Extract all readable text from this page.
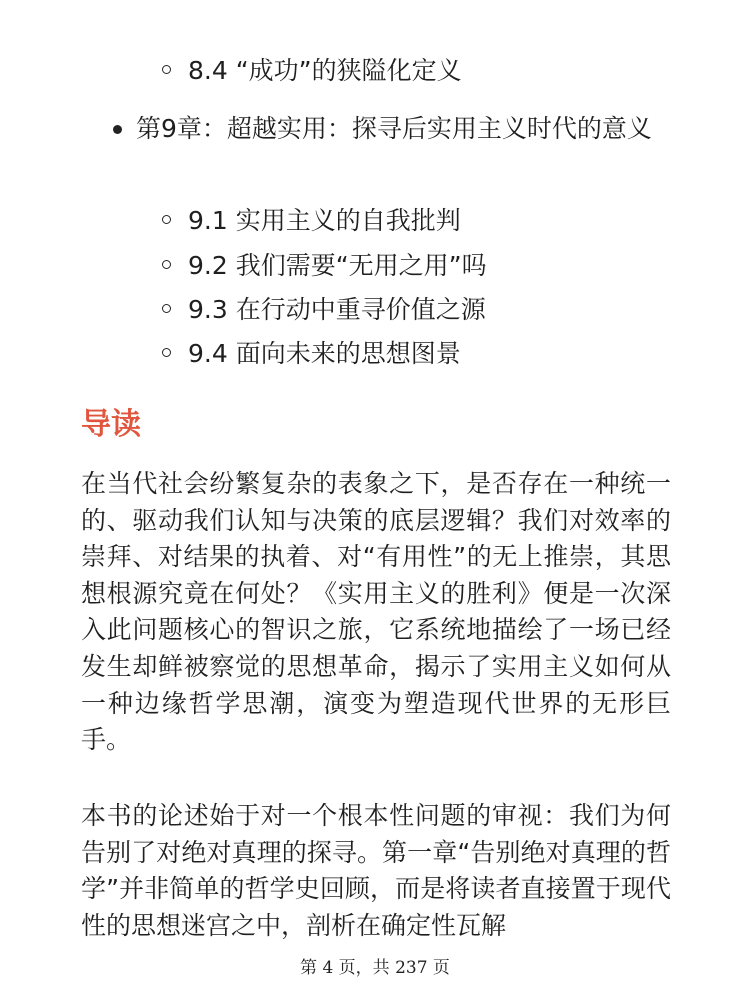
8.4 “成功”的狭隘化定义
第9章：超越实用：探寻后实用主义时代的意义
9.1 实用主义的自我批判
9.2 我们需要“无用之用”吗
9.3 在行动中重寻价值之源
9.4 面向未来的思想图景
导读

在当代社会纷繁复杂的表象之下，是否存在一种统一的、驱动我们认知与决策的底层逻辑？我们对效率的崇拜、对结果的执着、对“有用性”的无上推崇，其思想根源究竟在何处？《实用主义的胜利》便是一次深入此问题核心的智识之旅，它系统地描绘了一场已经发生却鲜被察觉的思想革命，揭示了实用主义如何从一种边缘哲学思潮，演变为塑造现代世界的无形巨手。

本书的论述始于对一个根本性问题的审视：我们为何告别了对绝对真理的探寻。第一章“告别绝对真理的哲学”并非简单的哲学史回顾，而是将读者直接置于现代性的思想迷宫之中，剖析在确定性瓦解

第 4 页，共 237 页
